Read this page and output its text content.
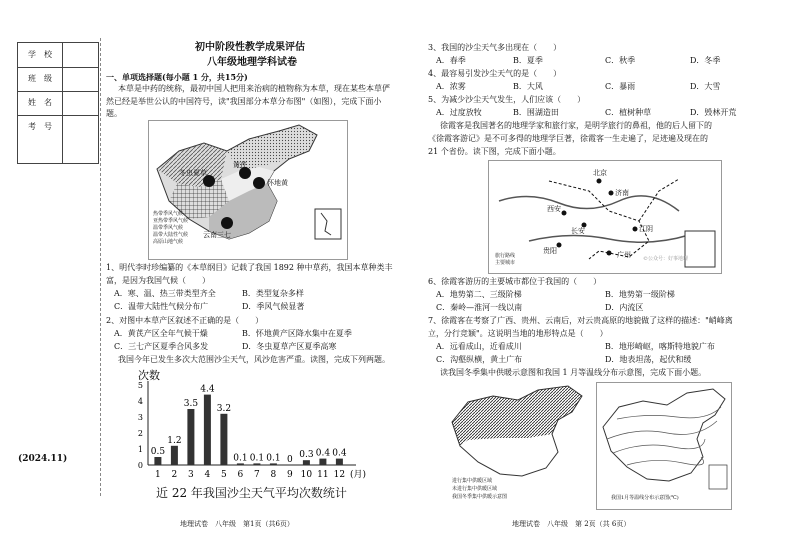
学　校
班　级
姓　名
考　号
(2024.11)
初中阶段性教学成果评估
八年级地理学科试卷
一、单项选择题(每小题 1 分，共15分)
本草是中药的统称，最初中国人把用来治病的植物称为本草，现在某些本草俨
然已经是举世公认的中国符号，读"我国部分本草分布图"（如图），完成下面小
题。
黄芪
冬虫夏草
怀地黄
云南三七
热带季风气候
亚热带季风气候
温带季风气候
温带大陆性气候
高原山地气候
1、明代李时珍编纂的《本草纲目》记载了我国 1892 种中草药，我国本草种类丰
富，是因为我国气候（　　）
A．寒、温、热三带类型齐全	B．类型复杂多样
C．温带大陆性气候分布广	D．季风气候显著
2、对图中本草产区叙述不正确的是（　　）
A．黄芪产区全年气候干燥	B．怀地黄产区降水集中在夏季
C．三七产区夏季合风多发	D．冬虫夏草产区夏季高寒
我国今年已发生多次大范围沙尘天气，风沙危害严重。读图，完成下列两题。
0
1
2
3
4
5
次数
0.5
1
1.2
2
3.5
3
4.4
4
3.2
5
0.1
6
0.1
7
0.1
8
0
9
0.3
10
0.4
11
0.4
12 (月)
近 22 年我国沙尘天气平均次数统计
地理试卷　八年级　第1页（共6页）
3、我国的沙尘天气多出现在（　　）
A．春季	B．夏季	C．秋季	D．冬季
4、最容易引发沙尘天气的是（　　）
A．浓雾	B．大风	C．暴雨	D．大雪
5、为减少沙尘天气发生，人们应该（　　）
A．过度放牧	B．围湖造田	C．植树种草	D．毁林开荒
徐霞客是我国著名的地理学家和旅行家，是明学旅行的鼻祖，他的后人留下的
《徐霞客游记》是不可多得的地理学巨著，徐霞客一生走遍了，足迹遍及现在的
21 个省份。读下图，完成下面小题。
北京
济南
西安
长安	江阴
贵阳	广州
旅行路线
主要城市
©公众号：好事地理
6、徐霞客游历的主要城市都位于我国的（　　）
A．地势第二、三级阶梯	B．地势第一级阶梯
C．秦岭—淮河一线以南	D．内流区
7、徐霞客在考察了广西、贵州、云南后，对云贵高原的地貌做了这样的描述："峭峰离
立，分行竞颖"。这说明当地的地形特点是（　　）
A．远看成山，近看成川	B．地形崎岖，喀斯特地貌广布
C．沟壑纵横，黄土广布	D．地表坦荡，起伏和缓
读我国冬季集中供暖示意图和我国 1 月等温线分布示意图，完成下面小题。
进行集中供暖区域
未进行集中供暖区域
我国冬季集中供暖示意图	我国1月等温线分布示意图(℃)
地理试卷　八年级　第 2页（共 6页）
